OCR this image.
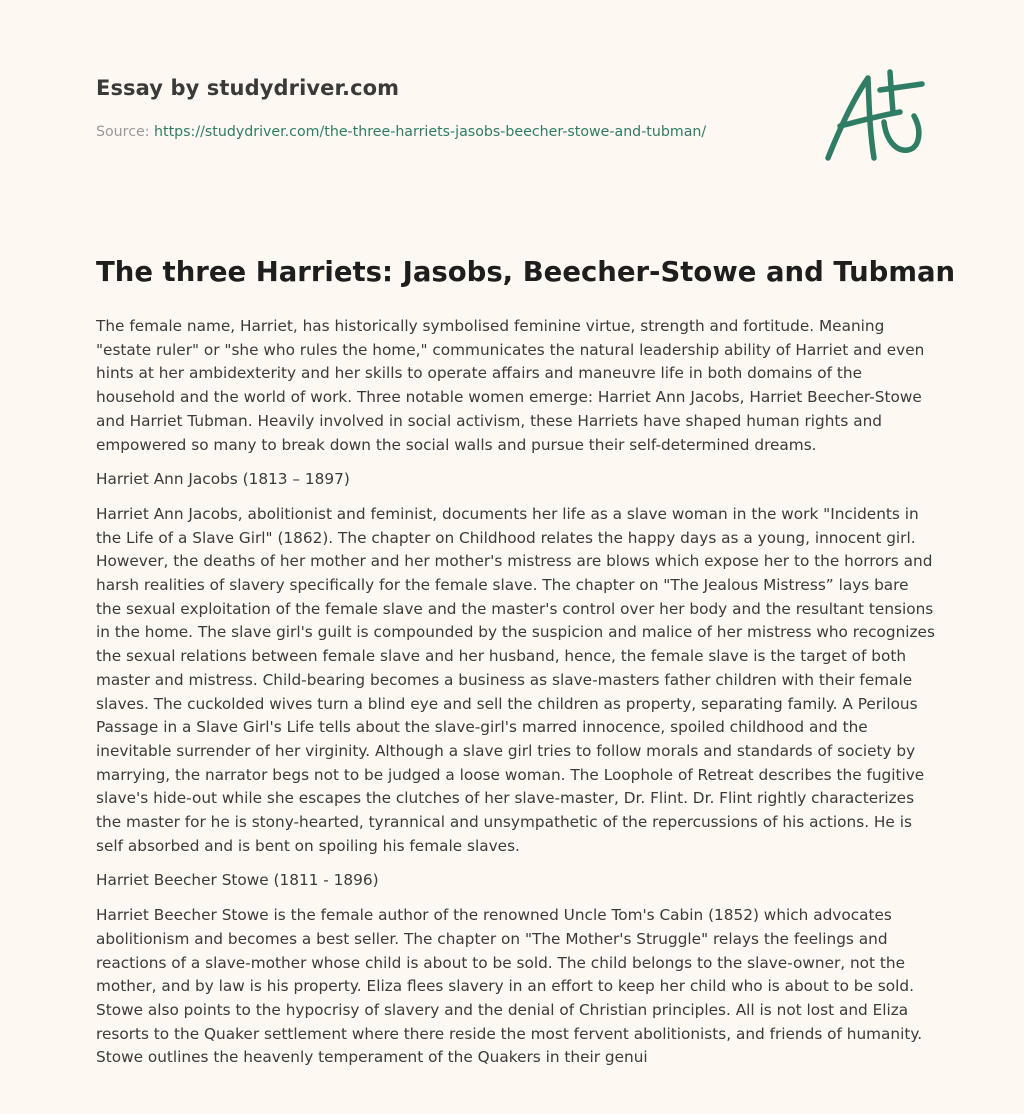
Essay by studydriver.com
Source: https://studydriver.com/the-three-harriets-jasobs-beecher-stowe-and-tubman/
The three Harriets: Jasobs, Beecher-Stowe and Tubman

The female name, Harriet, has historically symbolised feminine virtue, strength and fortitude. Meaning "estate ruler" or "she who rules the home," communicates the natural leadership ability of Harriet and even hints at her ambidexterity and her skills to operate affairs and maneuvre life in both domains of the household and the world of work. Three notable women emerge: Harriet Ann Jacobs, Harriet Beecher-Stowe and Harriet Tubman. Heavily involved in social activism, these Harriets have shaped human rights and empowered so many to break down the social walls and pursue their self-determined dreams.

Harriet Ann Jacobs (1813 – 1897)

Harriet Ann Jacobs, abolitionist and feminist, documents her life as a slave woman in the work "Incidents in the Life of a Slave Girl" (1862). The chapter on Childhood relates the happy days as a young, innocent girl. However, the deaths of her mother and her mother's mistress are blows which expose her to the horrors and harsh realities of slavery specifically for the female slave. The chapter on "The Jealous Mistress” lays bare the sexual exploitation of the female slave and the master's control over her body and the resultant tensions in the home. The slave girl's guilt is compounded by the suspicion and malice of her mistress who recognizes the sexual relations between female slave and her husband, hence, the female slave is the target of both master and mistress. Child-bearing becomes a business as slave-masters father children with their female slaves. The cuckolded wives turn a blind eye and sell the children as property, separating family. A Perilous Passage in a Slave Girl's Life tells about the slave-girl's marred innocence, spoiled childhood and the inevitable surrender of her virginity. Although a slave girl tries to follow morals and standards of society by marrying, the narrator begs not to be judged a loose woman. The Loophole of Retreat describes the fugitive slave's hide-out while she escapes the clutches of her slave-master, Dr. Flint. Dr. Flint rightly characterizes the master for he is stony-hearted, tyrannical and unsympathetic of the repercussions of his actions. He is self absorbed and is bent on spoiling his female slaves.

Harriet Beecher Stowe (1811 - 1896)

Harriet Beecher Stowe is the female author of the renowned Uncle Tom's Cabin (1852) which advocates abolitionism and becomes a best seller. The chapter on "The Mother's Struggle" relays the feelings and reactions of a slave-mother whose child is about to be sold. The child belongs to the slave-owner, not the mother, and by law is his property. Eliza flees slavery in an effort to keep her child who is about to be sold. Stowe also points to the hypocrisy of slavery and the denial of Christian principles. All is not lost and Eliza resorts to the Quaker settlement where there reside the most fervent abolitionists, and friends of humanity. Stowe outlines the heavenly temperament of the Quakers in their genui
